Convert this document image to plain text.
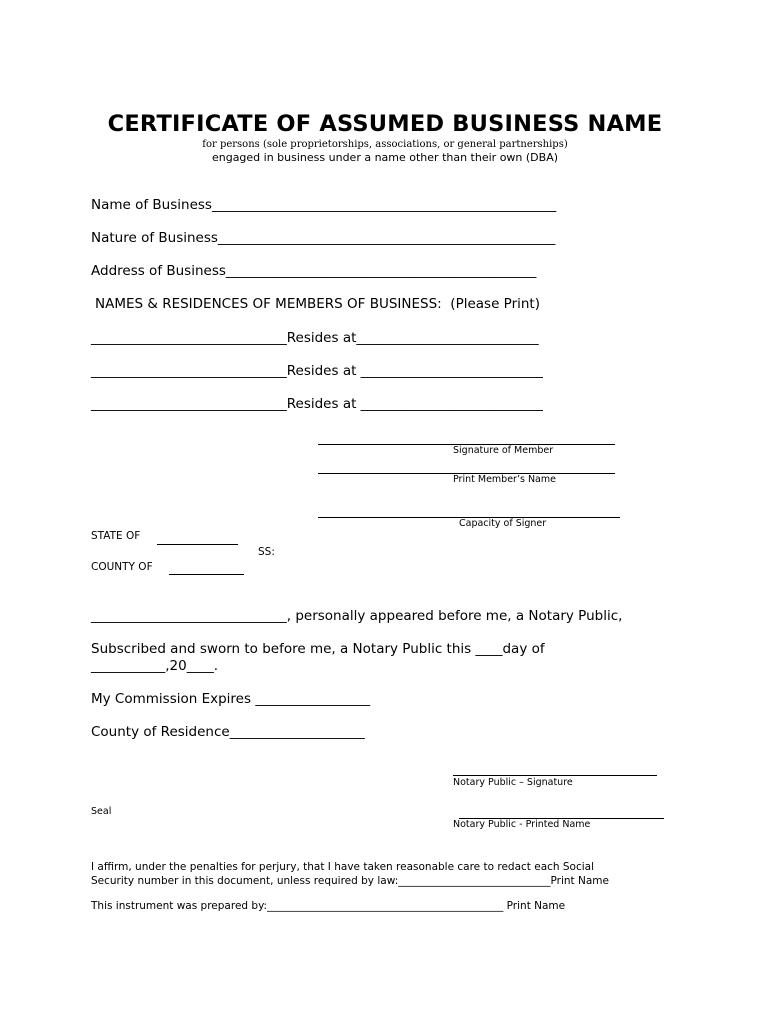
CERTIFICATE OF ASSUMED BUSINESS NAME
for persons (sole proprietorships, associations, or general partnerships)
engaged in business under a name other than their own (DBA)
Name of Business___________________________________________________
Nature of Business__________________________________________________
Address of Business______________________________________________
NAMES & RESIDENCES OF MEMBERS OF BUSINESS:  (Please Print)
_____________________________Resides at___________________________
_____________________________Resides at ___________________________
_____________________________Resides at ___________________________
Signature of Member
Print Member’s Name
Capacity of Signer
STATE OF
SS:
COUNTY OF
_____________________________, personally appeared before me, a Notary Public,
Subscribed and sworn to before me, a Notary Public this ____day of
___________,20____.
My Commission Expires _________________
County of Residence____________________
Notary Public – Signature
Seal
Notary Public - Printed Name
I affirm, under the penalties for perjury, that I have taken reasonable care to redact each Social
Security number in this document, unless required by law:_____________________________Print Name
This instrument was prepared by:_____________________________________________ Print Name
